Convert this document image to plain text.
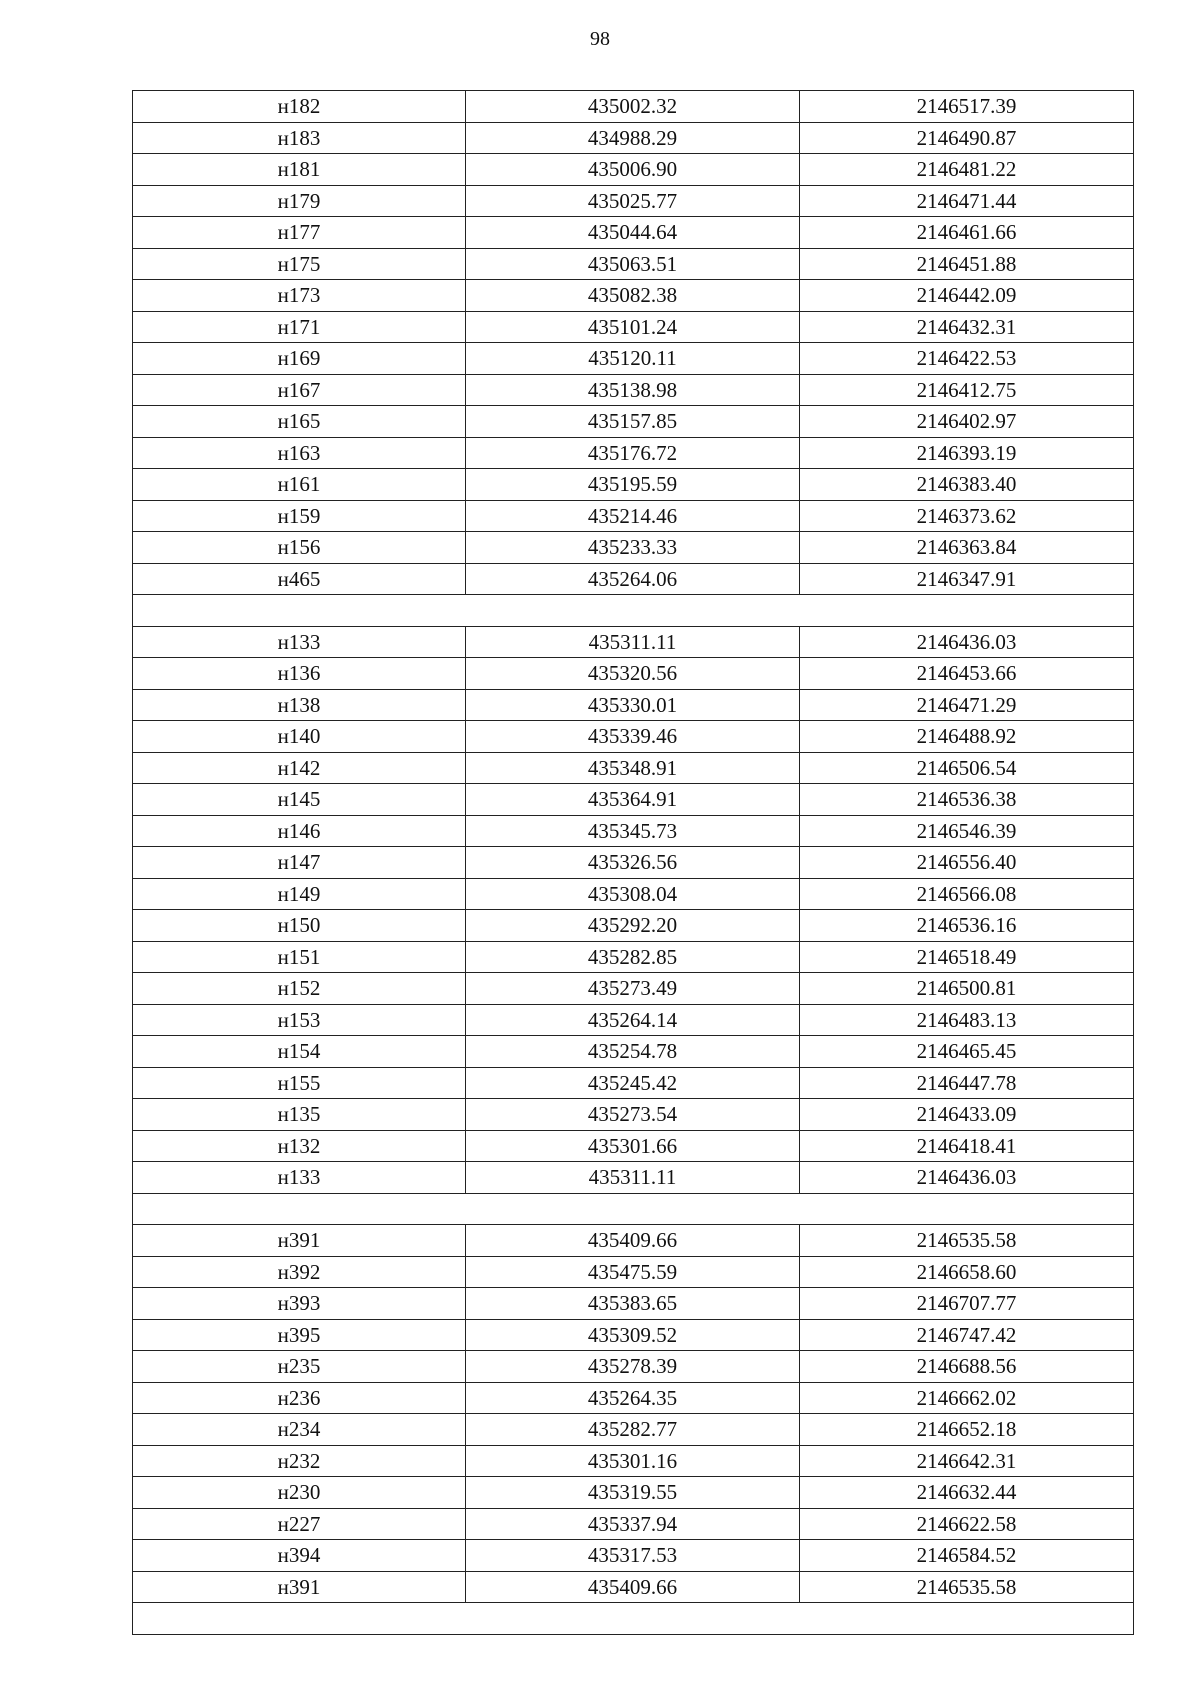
98
н182	435002.32	2146517.39
н183	434988.29	2146490.87
н181	435006.90	2146481.22
н179	435025.77	2146471.44
н177	435044.64	2146461.66
н175	435063.51	2146451.88
н173	435082.38	2146442.09
н171	435101.24	2146432.31
н169	435120.11	2146422.53
н167	435138.98	2146412.75
н165	435157.85	2146402.97
н163	435176.72	2146393.19
н161	435195.59	2146383.40
н159	435214.46	2146373.62
н156	435233.33	2146363.84
н465	435264.06	2146347.91

н133	435311.11	2146436.03
н136	435320.56	2146453.66
н138	435330.01	2146471.29
н140	435339.46	2146488.92
н142	435348.91	2146506.54
н145	435364.91	2146536.38
н146	435345.73	2146546.39
н147	435326.56	2146556.40
н149	435308.04	2146566.08
н150	435292.20	2146536.16
н151	435282.85	2146518.49
н152	435273.49	2146500.81
н153	435264.14	2146483.13
н154	435254.78	2146465.45
н155	435245.42	2146447.78
н135	435273.54	2146433.09
н132	435301.66	2146418.41
н133	435311.11	2146436.03

н391	435409.66	2146535.58
н392	435475.59	2146658.60
н393	435383.65	2146707.77
н395	435309.52	2146747.42
н235	435278.39	2146688.56
н236	435264.35	2146662.02
н234	435282.77	2146652.18
н232	435301.16	2146642.31
н230	435319.55	2146632.44
н227	435337.94	2146622.58
н394	435317.53	2146584.52
н391	435409.66	2146535.58
